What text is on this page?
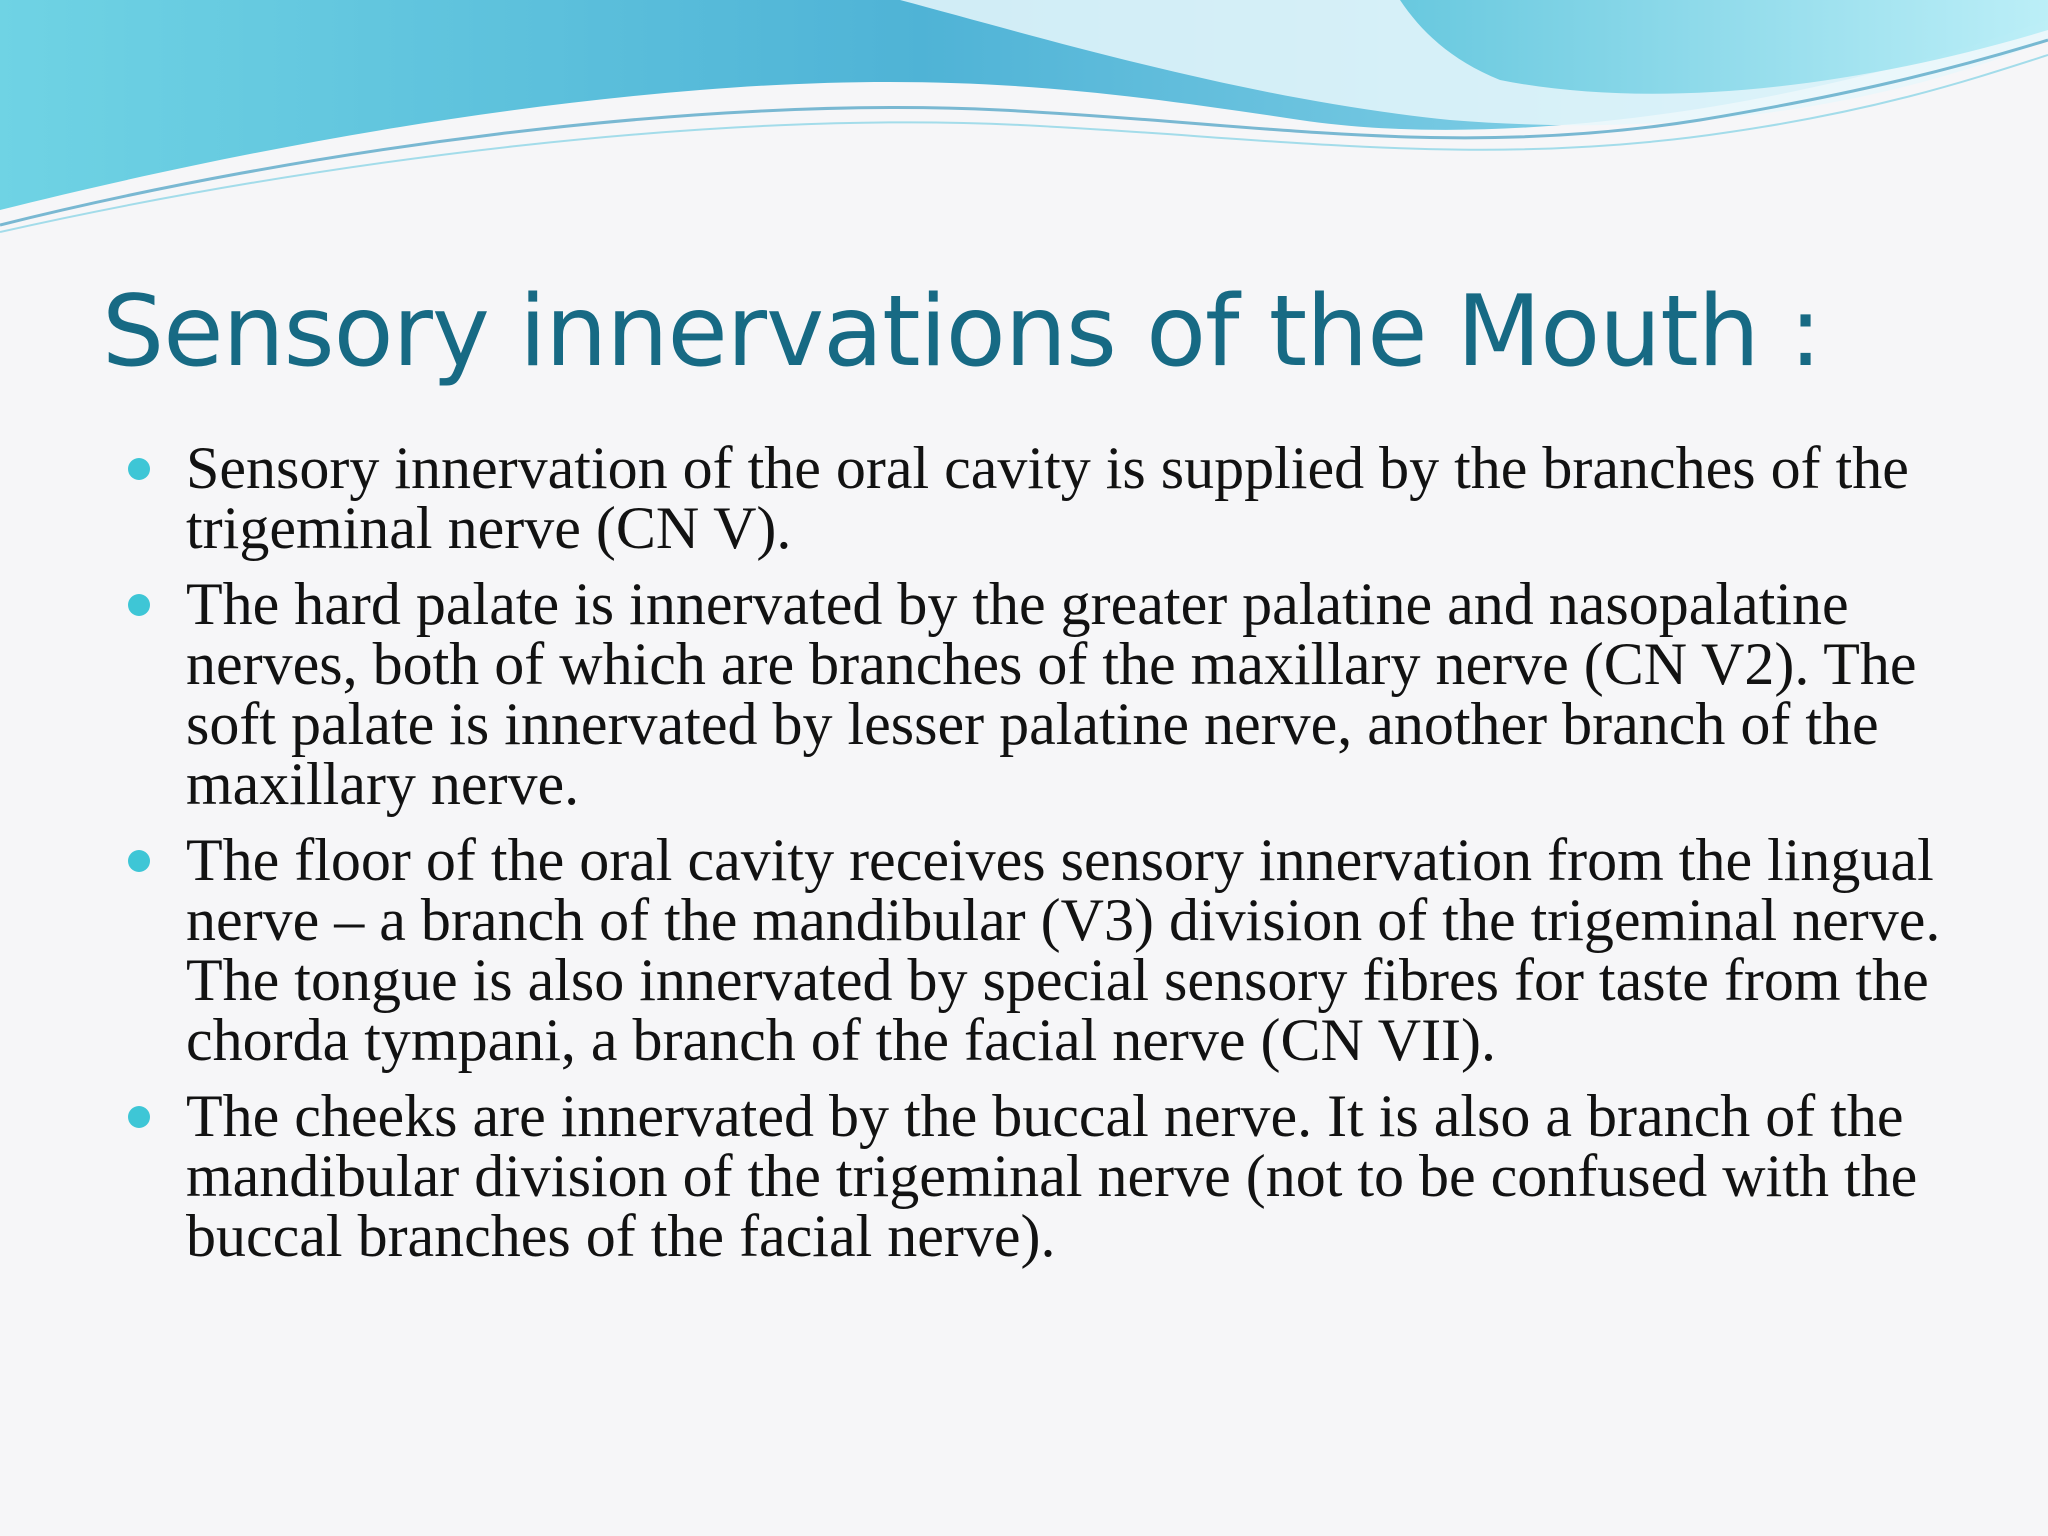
Sensory innervations of the Mouth :
Sensory innervation of the oral cavity is supplied by the branches of the trigeminal nerve (CN V).
The hard palate is innervated by the greater palatine and nasopalatine nerves, both of which are branches of the maxillary nerve (CN V2). The soft palate is innervated by lesser palatine nerve, another branch of the maxillary nerve.
The floor of the oral cavity receives sensory innervation from the lingual nerve – a branch of the mandibular (V3) division of the trigeminal nerve. The tongue is also innervated by special sensory fibres for taste from the chorda tympani, a branch of the facial nerve (CN VII).
The cheeks are innervated by the buccal nerve. It is also a branch of the mandibular division of the trigeminal nerve (not to be confused with the buccal branches of the facial nerve).
